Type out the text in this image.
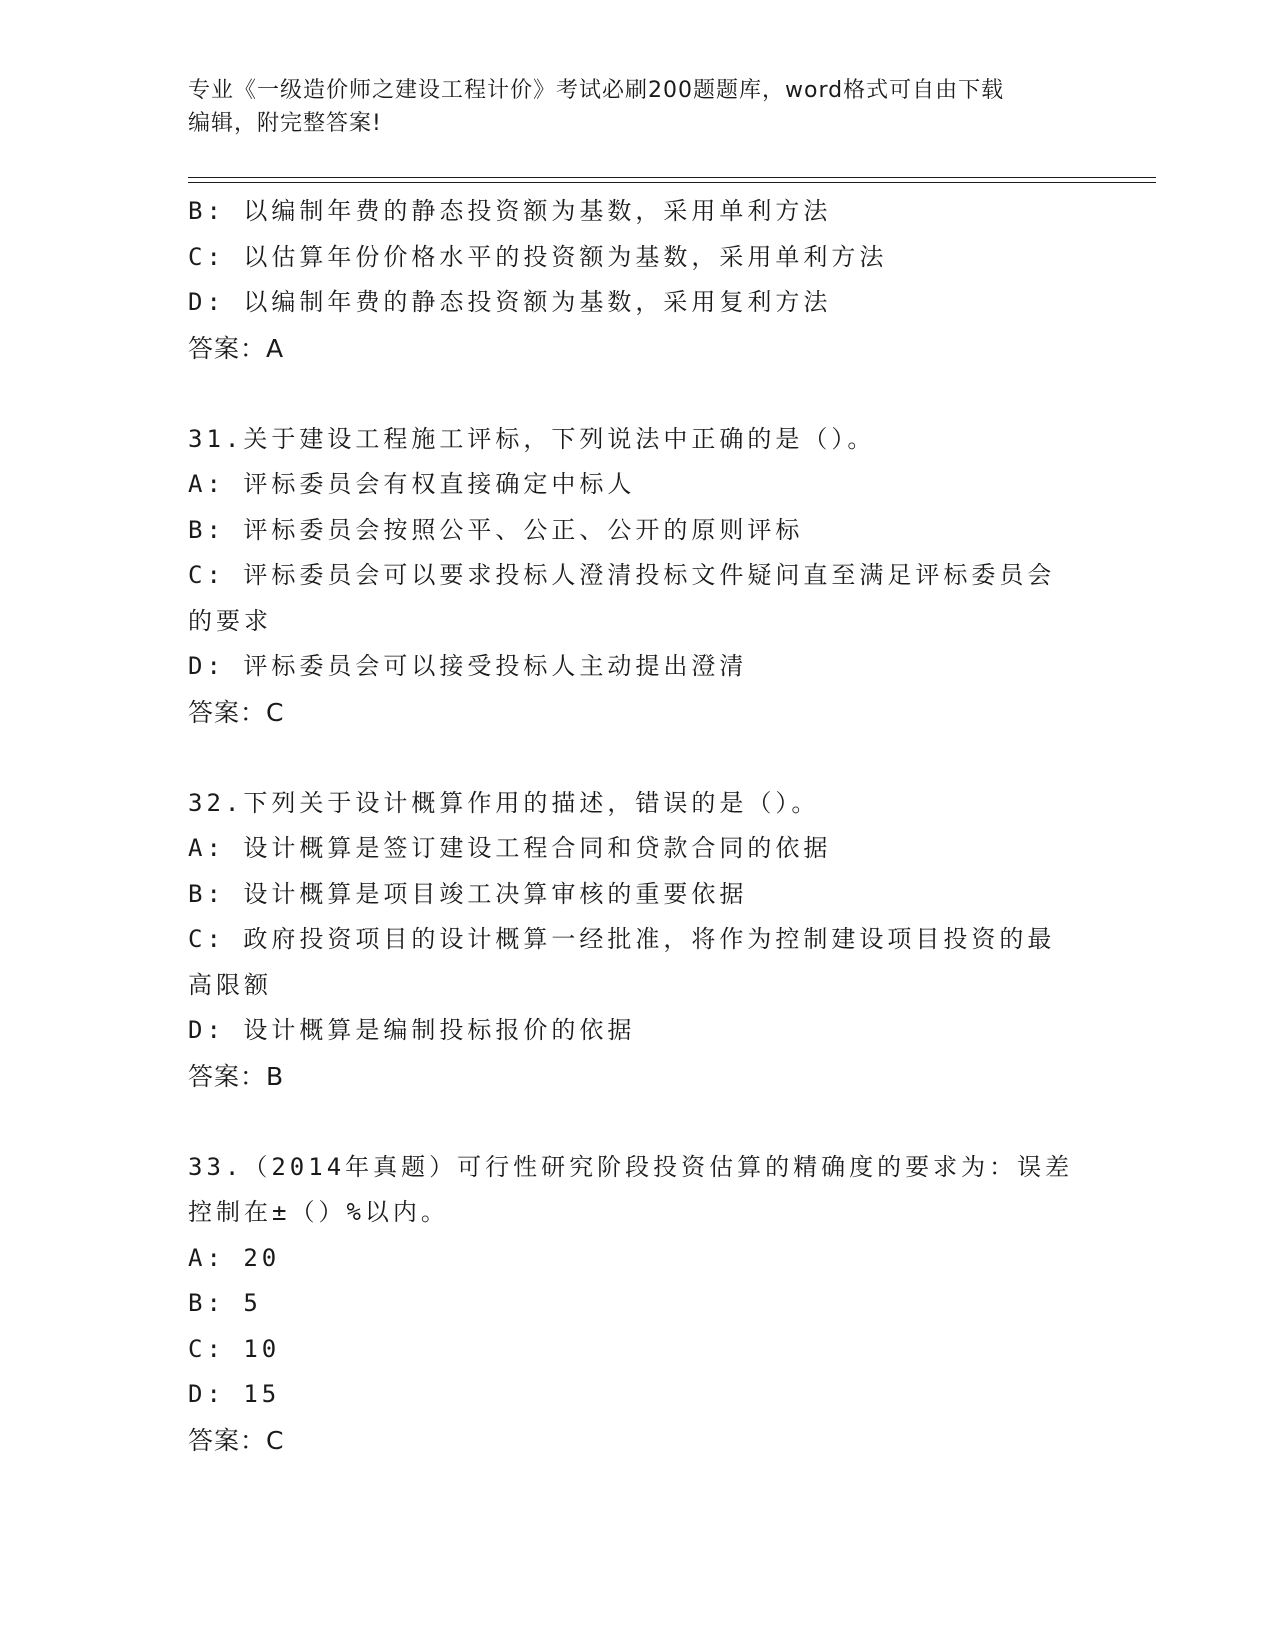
专业《一级造价师之建设工程计价》考试必刷200题题库，word格式可自由下载
编辑，附完整答案!
B: 以编制年费的静态投资额为基数，采用单利方法
C: 以估算年份价格水平的投资额为基数，采用单利方法
D: 以编制年费的静态投资额为基数，采用复利方法
答案：A
31.关于建设工程施工评标，下列说法中正确的是（）。
A: 评标委员会有权直接确定中标人
B: 评标委员会按照公平、公正、公开的原则评标
C: 评标委员会可以要求投标人澄清投标文件疑问直至满足评标委员会
的要求
D: 评标委员会可以接受投标人主动提出澄清
答案：C
32.下列关于设计概算作用的描述，错误的是（）。
A: 设计概算是签订建设工程合同和贷款合同的依据
B: 设计概算是项目竣工决算审核的重要依据
C: 政府投资项目的设计概算一经批准，将作为控制建设项目投资的最
高限额
D: 设计概算是编制投标报价的依据
答案：B
33.（2014年真题）可行性研究阶段投资估算的精确度的要求为：误差
控制在±（）%以内。
A: 20
B: 5
C: 10
D: 15
答案：C
